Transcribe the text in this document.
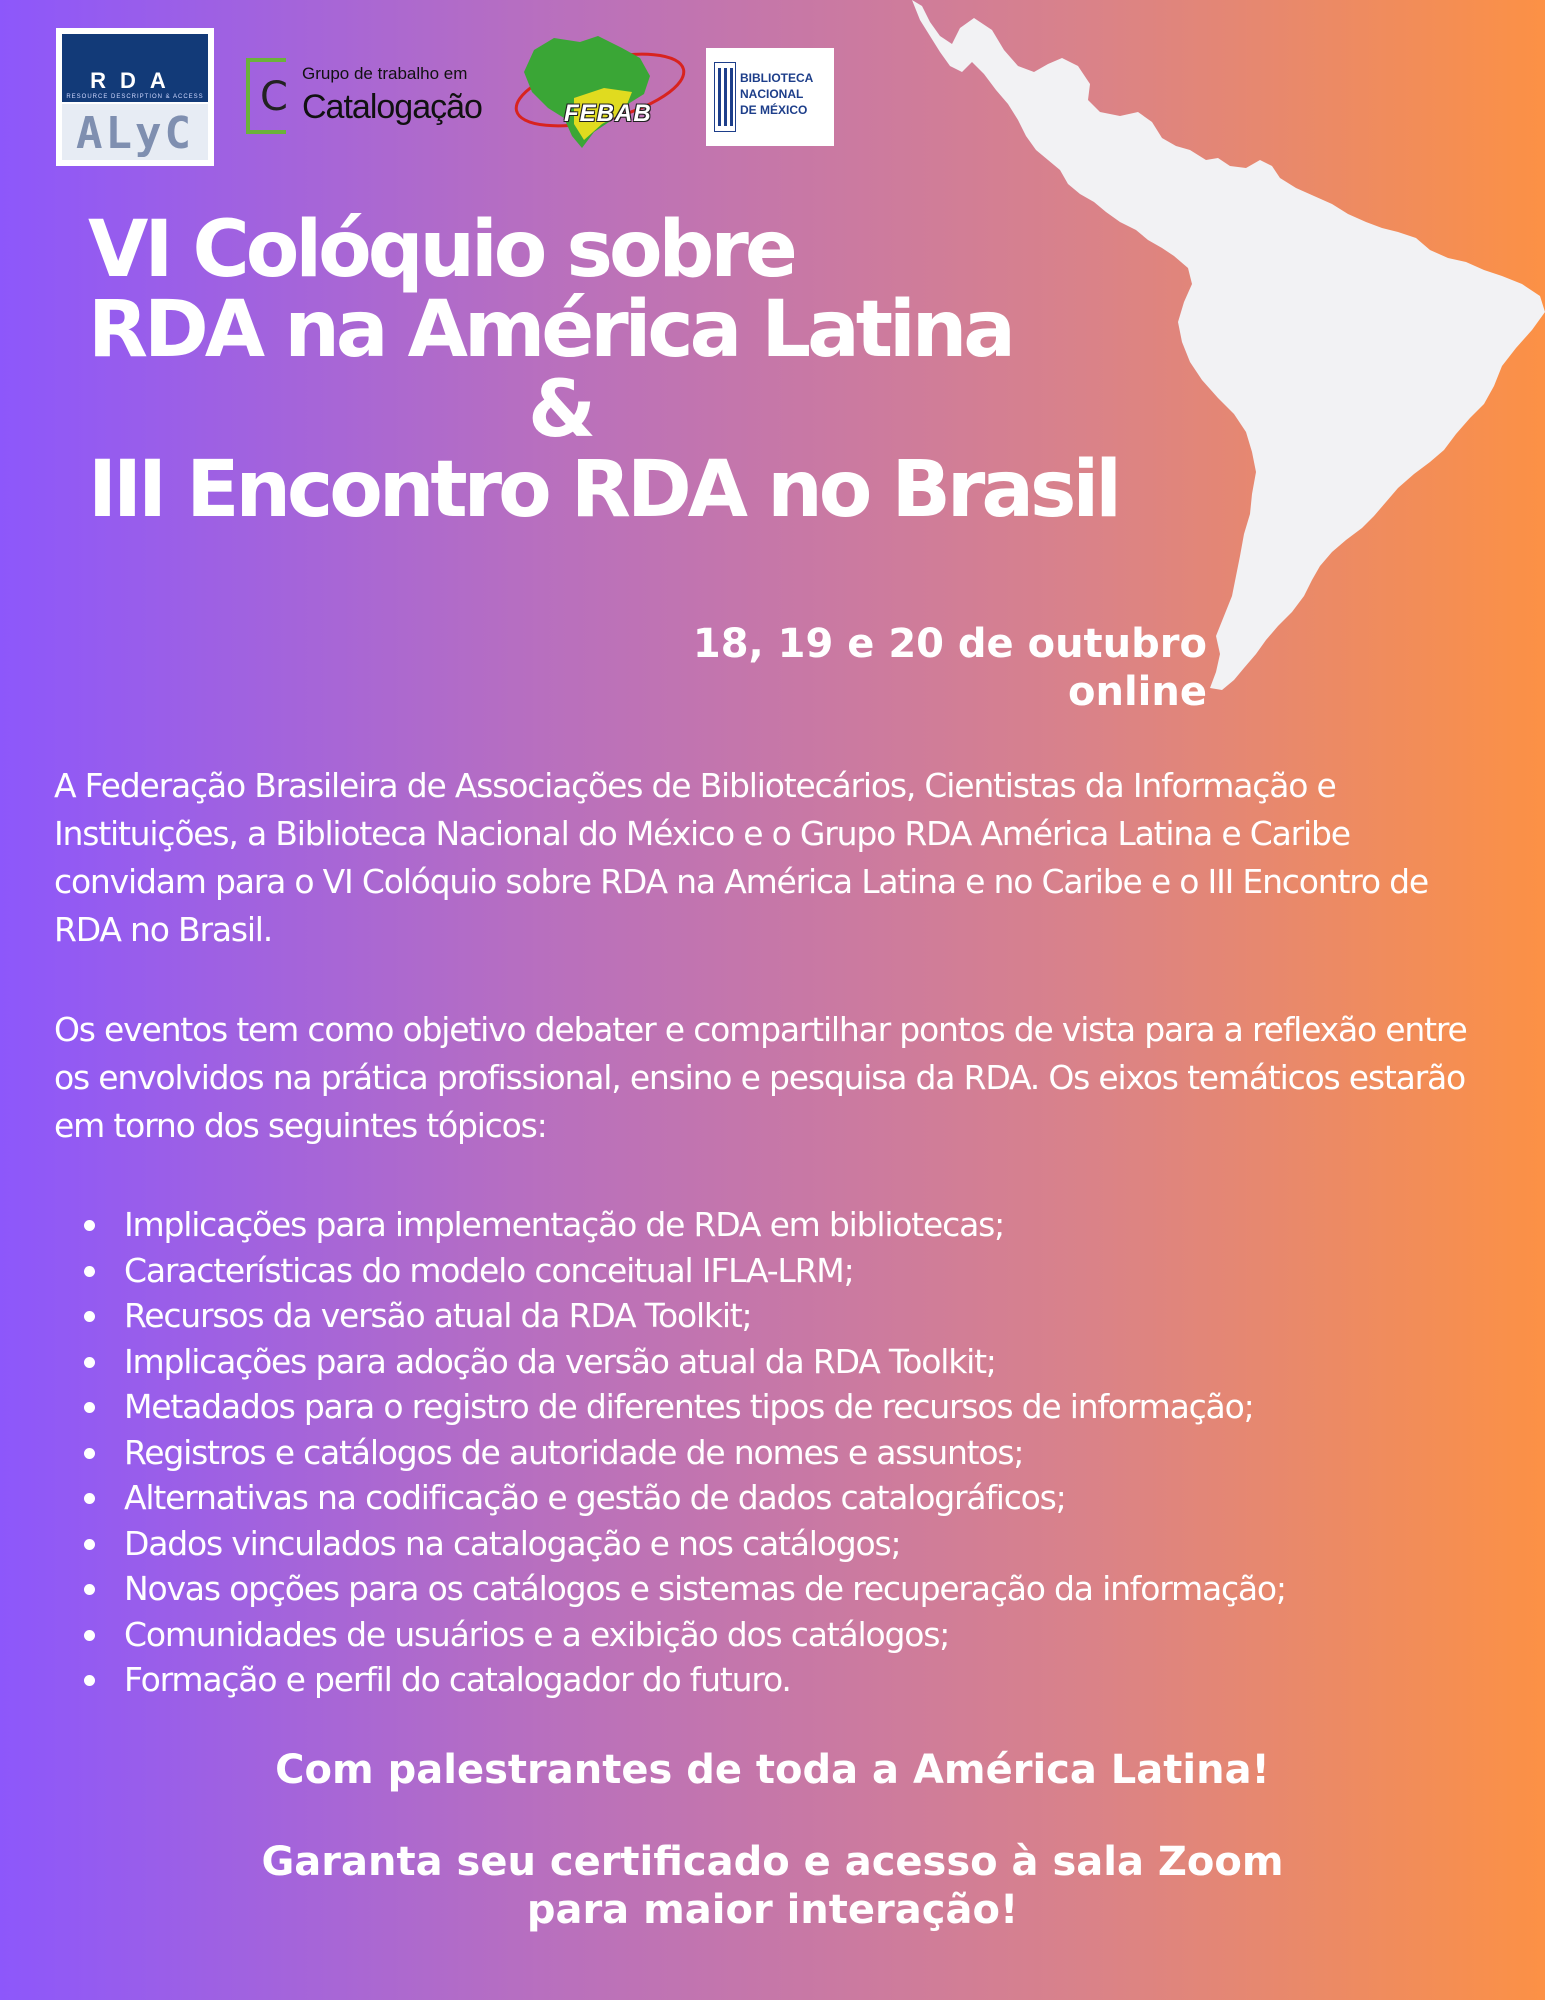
RDA
RESOURCE DESCRIPTION & ACCESS
ALyC
C
Grupo de trabalho em
Catalogação	FEBAB
BIBLIOTECA
NACIONAL
DE MÉXICO
VI Colóquio sobre
RDA na América Latina
&
III Encontro RDA no Brasil
18, 19 e 20 de outubro
online

A Federação Brasileira de Associações de Bibliotecários, Cientistas da Informação e Instituições, a Biblioteca Nacional do México e o Grupo RDA América Latina e Caribe convidam para o VI Colóquio sobre RDA na América Latina e no Caribe e o III Encontro de RDA no Brasil.

Os eventos tem como objetivo debater e compartilhar pontos de vista para a reflexão entre os envolvidos na prática profissional, ensino e pesquisa da RDA. Os eixos temáticos estarão em torno dos seguintes tópicos:

Implicações para implementação de RDA em bibliotecas;
Características do modelo conceitual IFLA-LRM;
Recursos da versão atual da RDA Toolkit;
Implicações para adoção da versão atual da RDA Toolkit;
Metadados para o registro de diferentes tipos de recursos de informação;
Registros e catálogos de autoridade de nomes e assuntos;
Alternativas na codificação e gestão de dados catalográficos;
Dados vinculados na catalogação e nos catálogos;
Novas opções para os catálogos e sistemas de recuperação da informação;
Comunidades de usuários e a exibição dos catálogos;
Formação e perfil do catalogador do futuro.
Com palestrantes de toda a América Latina!
Garanta seu certificado e acesso à sala Zoom
para maior interação!
